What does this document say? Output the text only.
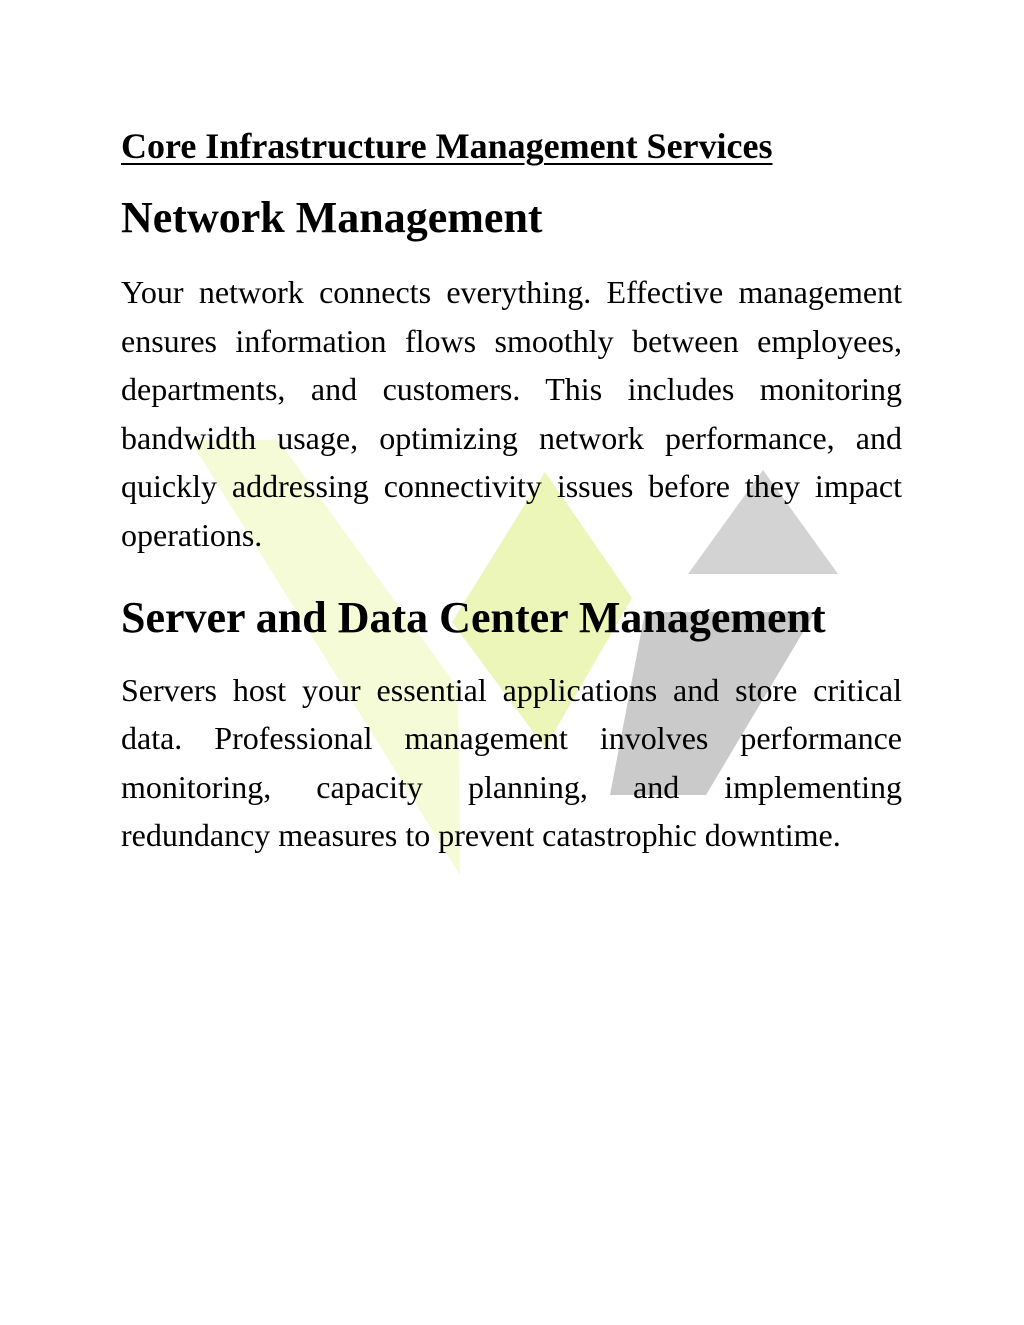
Core Infrastructure Management Services
Network Management

Your network connects everything. Effective management ensures information flows smoothly between employees, departments, and customers. This includes monitoring bandwidth usage, optimizing network performance, and quickly addressing connectivity issues before they impact operations.

Server and Data Center Management

Servers host your essential applications and store critical data. Professional management involves performance monitoring, capacity planning, and implementing redundancy measures to prevent catastrophic downtime.
